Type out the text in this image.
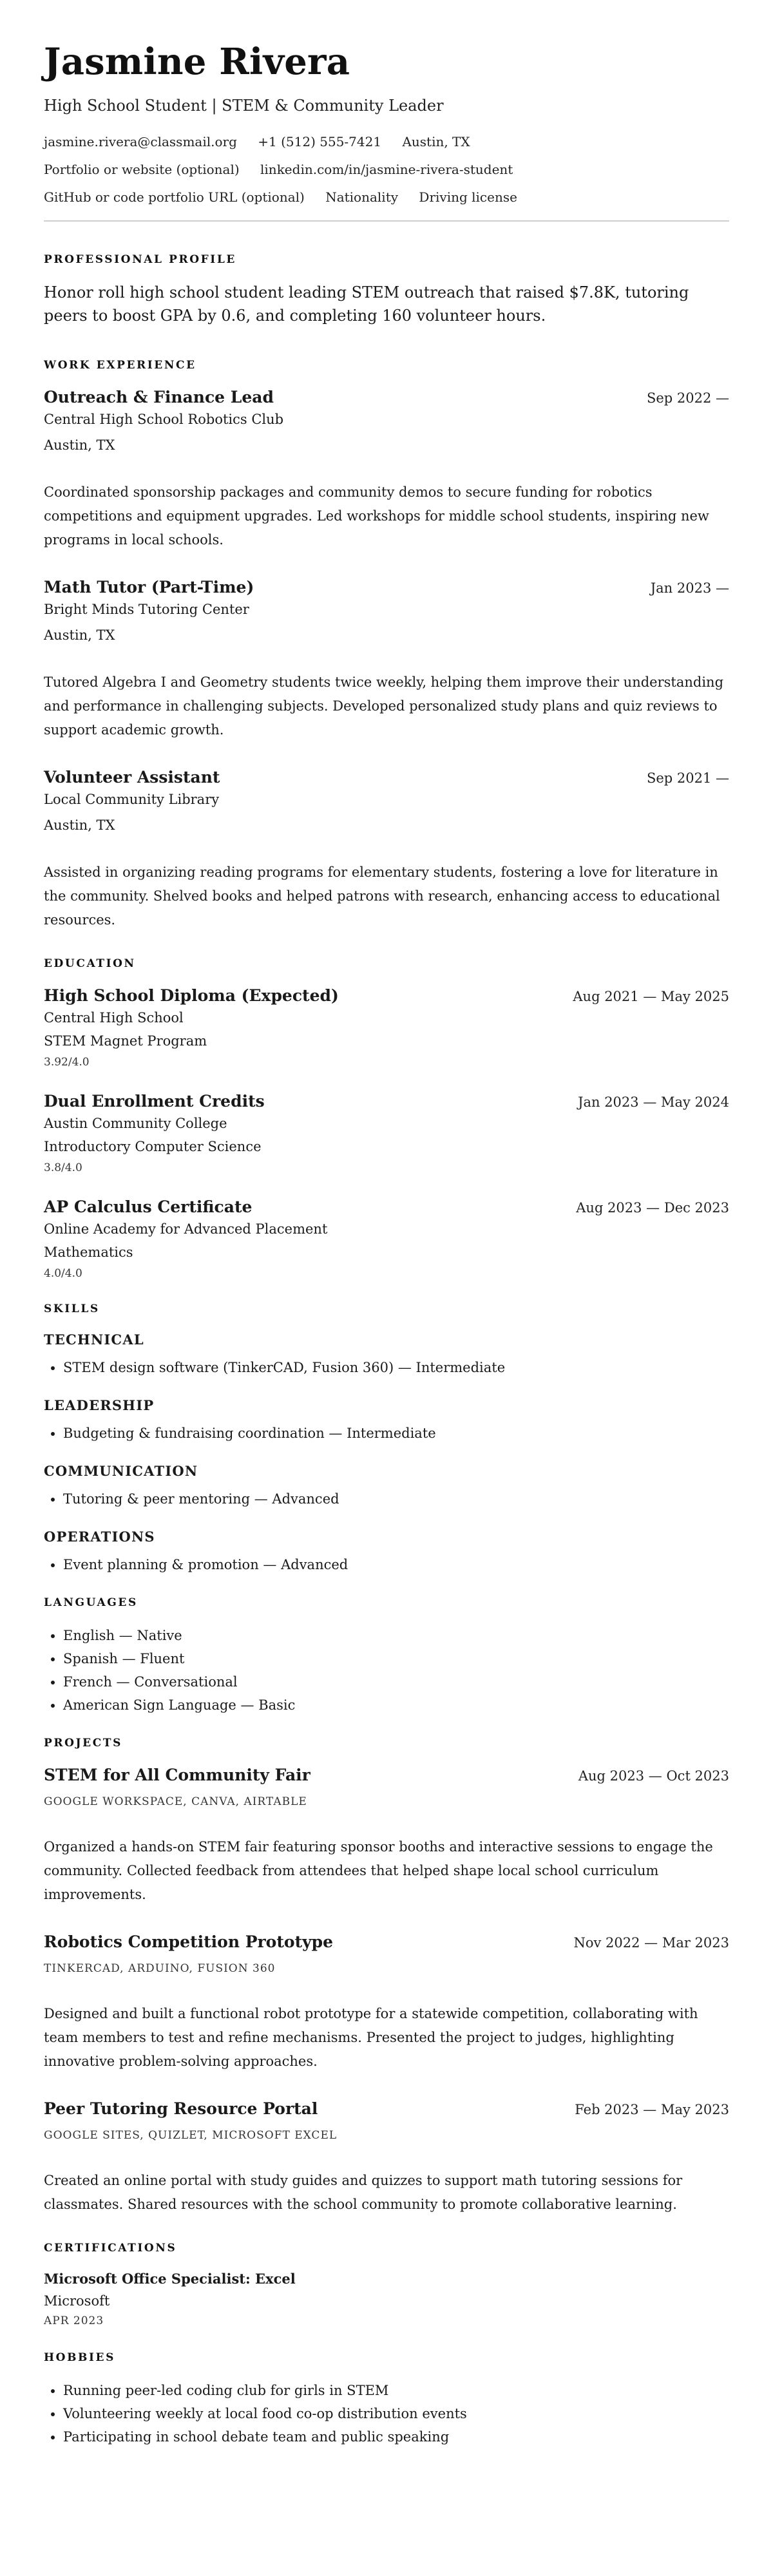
Jasmine Rivera
High School Student | STEM & Community Leader
jasmine.rivera@classmail.org +1 (512) 555-7421 Austin, TX
Portfolio or website (optional) linkedin.com/in/jasmine-rivera-student
GitHub or code portfolio URL (optional) Nationality Driving license
PROFESSIONAL PROFILE

Honor roll high school student leading STEM outreach that raised $7.8K, tutoring peers to boost GPA by 0.6, and completing 160 volunteer hours.

WORK EXPERIENCE
Outreach & Finance Lead	Sep 2022 —
Central High School Robotics Club
Austin, TX
Coordinated sponsorship packages and community demos to secure funding for robotics competitions and equipment upgrades. Led workshops for middle school students, inspiring new programs in local schools.
Math Tutor (Part-Time)	Jan 2023 —
Bright Minds Tutoring Center
Austin, TX
Tutored Algebra I and Geometry students twice weekly, helping them improve their understanding and performance in challenging subjects. Developed personalized study plans and quiz reviews to support academic growth.
Volunteer Assistant	Sep 2021 —
Local Community Library
Austin, TX
Assisted in organizing reading programs for elementary students, fostering a love for literature in the community. Shelved books and helped patrons with research, enhancing access to educational resources.
EDUCATION
High School Diploma (Expected)	Aug 2021 — May 2025
Central High School
STEM Magnet Program
3.92/4.0
Dual Enrollment Credits	Jan 2023 — May 2024
Austin Community College
Introductory Computer Science
3.8/4.0
AP Calculus Certificate	Aug 2023 — Dec 2023
Online Academy for Advanced Placement
Mathematics
4.0/4.0
SKILLS
TECHNICAL
• STEM design software (TinkerCAD, Fusion 360) — Intermediate
LEADERSHIP
• Budgeting & fundraising coordination — Intermediate
COMMUNICATION
• Tutoring & peer mentoring — Advanced
OPERATIONS
• Event planning & promotion — Advanced
LANGUAGES
• English — Native
• Spanish — Fluent
• French — Conversational
• American Sign Language — Basic
PROJECTS
STEM for All Community Fair	Aug 2023 — Oct 2023
GOOGLE WORKSPACE, CANVA, AIRTABLE
Organized a hands-on STEM fair featuring sponsor booths and interactive sessions to engage the community. Collected feedback from attendees that helped shape local school curriculum improvements.
Robotics Competition Prototype	Nov 2022 — Mar 2023
TINKERCAD, ARDUINO, FUSION 360
Designed and built a functional robot prototype for a statewide competition, collaborating with team members to test and refine mechanisms. Presented the project to judges, highlighting innovative problem-solving approaches.
Peer Tutoring Resource Portal	Feb 2023 — May 2023
GOOGLE SITES, QUIZLET, MICROSOFT EXCEL
Created an online portal with study guides and quizzes to support math tutoring sessions for classmates. Shared resources with the school community to promote collaborative learning.
CERTIFICATIONS
Microsoft Office Specialist: Excel
Microsoft
APR 2023
HOBBIES
• Running peer-led coding club for girls in STEM
• Volunteering weekly at local food co-op distribution events
• Participating in school debate team and public speaking
